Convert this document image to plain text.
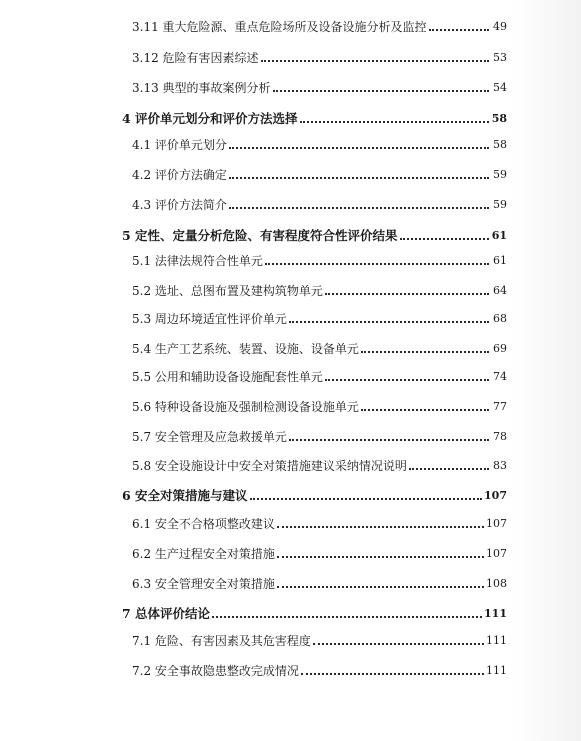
3.11 重大危险源、重点危险场所及设备设施分析及监控	49
3.12 危险有害因素综述	53
3.13 典型的事故案例分析	54
4 评价单元划分和评价方法选择	58
4.1 评价单元划分	58
4.2 评价方法确定	59
4.3 评价方法简介	59
5 定性、定量分析危险、有害程度符合性评价结果	61
5.1 法律法规符合性单元	61
5.2 选址、总图布置及建构筑物单元	64
5.3 周边环境适宜性评价单元	68
5.4 生产工艺系统、装置、设施、设备单元	69
5.5 公用和辅助设备设施配套性单元	74
5.6 特种设备设施及强制检测设备设施单元	77
5.7 安全管理及应急救援单元	78
5.8 安全设施设计中安全对策措施建议采纳情况说明	83
6 安全对策措施与建议	107
6.1 安全不合格项整改建议	107
6.2 生产过程安全对策措施	107
6.3 安全管理安全对策措施	108
7 总体评价结论	111
7.1 危险、有害因素及其危害程度	111
7.2 安全事故隐患整改完成情况	111
